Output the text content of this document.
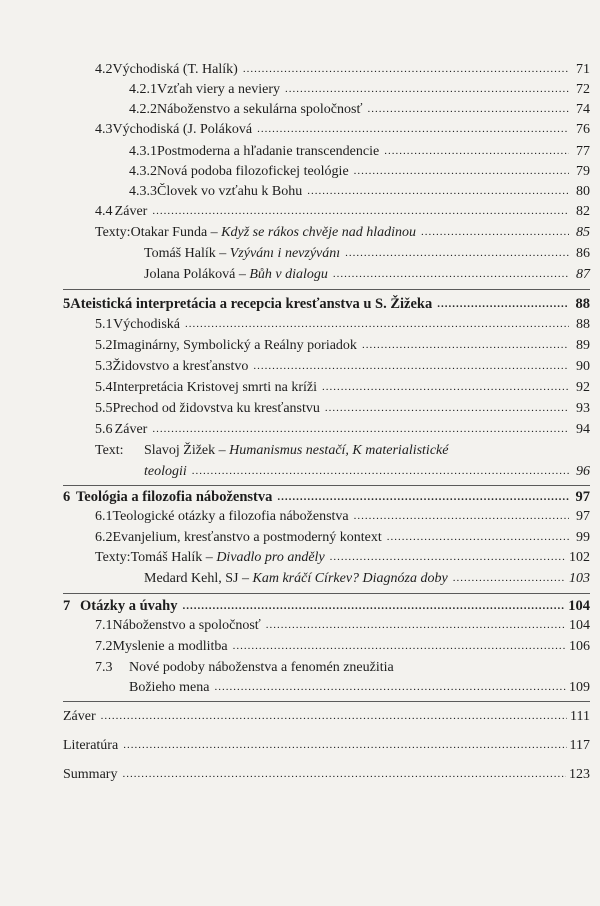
4.2 Východiská (T. Halík) .....	71
4.2.1 Vzťah viery a neviery .....	72
4.2.2 Náboženstvo a sekulárna spoločnosť .....	74
4.3 Východiská (J. Poláková .....	76
4.3.1 Postmoderna a hľadanie transcendencie .....	77
4.3.2 Nová podoba filozofickej teológie .....	79
4.3.3 Človek vo vzťahu k Bohu .....	80
4.4 Záver .....	82
Texty: Otakar Funda – Když se rákos chvěje nad hladinou .....	85
Tomáš Halík – Vzývánı i nevzývánı .....	86
Jolana Poláková – Bůh v dialogu .....	87
5 Ateistická interpretácia a recepcia kresťanstva u S. Žižeka .....	88
5.1 Východiská .....	88
5.2 Imaginárny, Symbolický a Reálny poriadok .....	89
5.3 Židovstvo a kresťanstvo .....	90
5.4 Interpretácia Kristovej smrti na kríži .....	92
5.5 Prechod od židovstva ku kresťanstvu .....	93
5.6 Záver .....	94
Text:	Slavoj Žižek – Humanismus nestačí, K materialistické
teologii .....	96
6 Teológia a filozofia náboženstva .....	97
6.1 Teologické otázky a filozofia náboženstva .....	97
6.2 Evanjelium, kresťanstvo a postmoderný kontext .....	99
Texty: Tomáš Halík – Divadlo pro anděly .....	102
Medard Kehl, SJ – Kam kráčí Církev? Diagnóza doby .....	103
7 Otázky a úvahy .....	104
7.1 Náboženstvo a spoločnosť .....	104
7.2 Myslenie a modlitba .....	106
7.3	Nové podoby náboženstva a fenomén zneužitia
Božieho mena .....	109
Záver .....	111
Literatúra .....	117
Summary .....	123
